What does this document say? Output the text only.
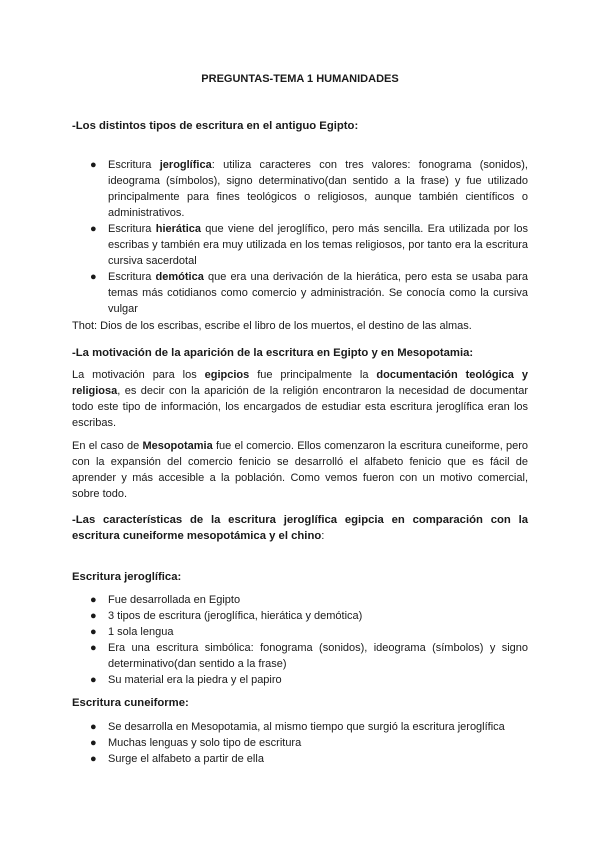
PREGUNTAS-TEMA 1 HUMANIDADES
-Los distintos tipos de escritura en el antiguo Egipto:
● Escritura jeroglífica: utiliza caracteres con tres valores: fonograma (sonidos), ideograma (símbolos), signo determinativo(dan sentido a la frase) y fue utilizado principalmente para fines teológicos o religiosos, aunque también científicos o administrativos.
● Escritura hierática que viene del jeroglífico, pero más sencilla. Era utilizada por los escribas y también era muy utilizada en los temas religiosos, por tanto era la escritura cursiva sacerdotal
● Escritura demótica que era una derivación de la hierática, pero esta se usaba para temas más cotidianos como comercio y administración. Se conocía como la cursiva vulgar
Thot: Dios de los escribas, escribe el libro de los muertos, el destino de las almas.
-La motivación de la aparición de la escritura en Egipto y en Mesopotamia:
La motivación para los egipcios fue principalmente la documentación teológica y religiosa, es decir con la aparición de la religión encontraron la necesidad de documentar todo este tipo de información, los encargados de estudiar esta escritura jeroglífica eran los escribas.
En el caso de Mesopotamia fue el comercio. Ellos comenzaron la escritura cuneiforme, pero con la expansión del comercio fenicio se desarrolló el alfabeto fenicio que es fácil de aprender y más accesible a la población. Como vemos fueron con un motivo comercial, sobre todo.
-Las características de la escritura jeroglífica egipcia en comparación con la escritura cuneiforme mesopotámica y el chino:
Escritura jeroglífica:
● Fue desarrollada en Egipto
● 3 tipos de escritura (jeroglífica, hierática y demótica)
● 1 sola lengua
● Era una escritura simbólica: fonograma (sonidos), ideograma (símbolos) y signo determinativo(dan sentido a la frase)
● Su material era la piedra y el papiro
Escritura cuneiforme:
● Se desarrolla en Mesopotamia, al mismo tiempo que surgió la escritura jeroglífica
● Muchas lenguas y solo tipo de escritura
● Surge el alfabeto a partir de ella
